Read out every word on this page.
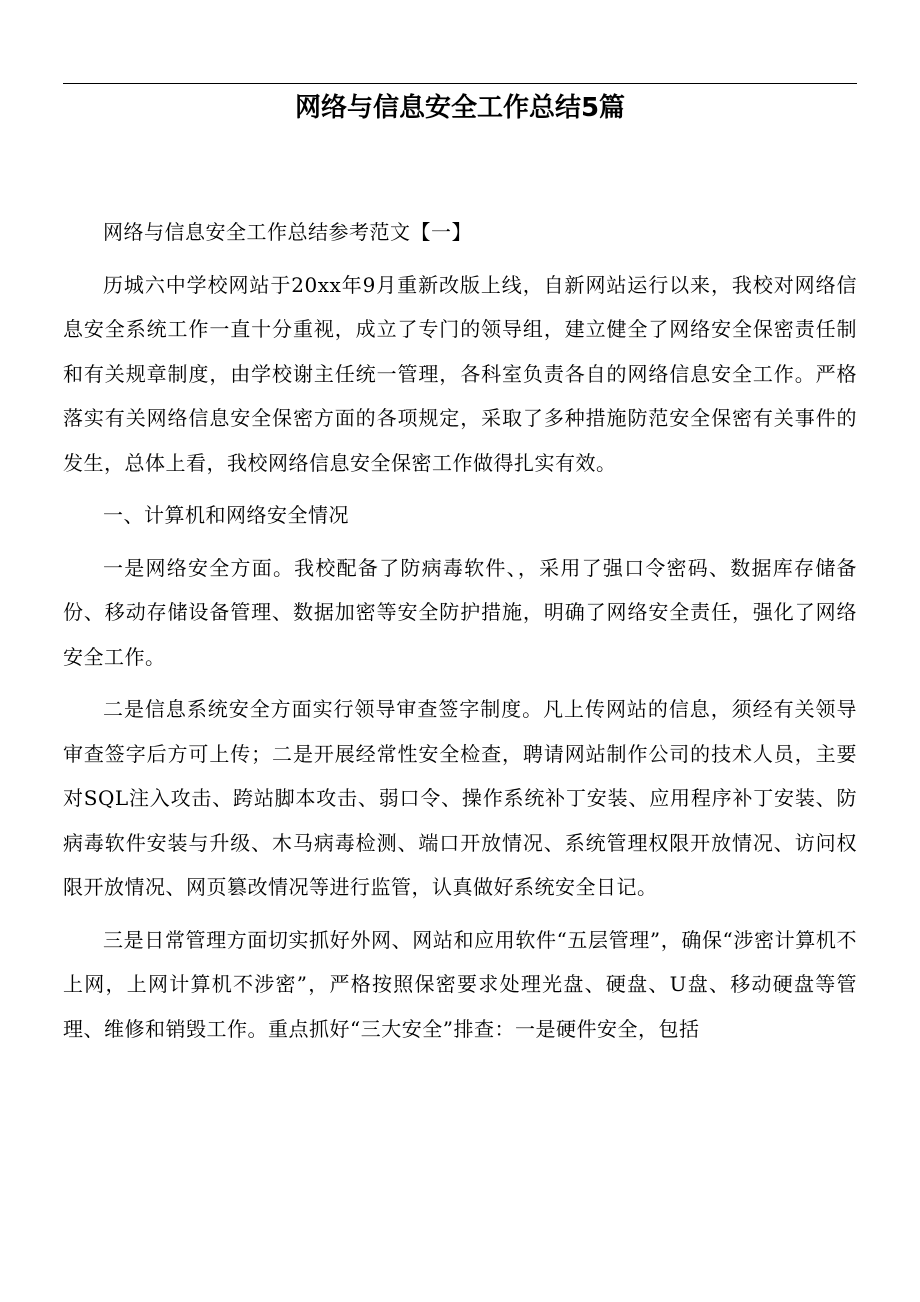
网络与信息安全工作总结5篇

网络与信息安全工作总结参考范文【一】

历城六中学校网站于20xx年9月重新改版上线，自新网站运行以来，我校对网络信息安全系统工作一直十分重视，成立了专门的领导组，建立健全了网络安全保密责任制和有关规章制度，由学校谢主任统一管理，各科室负责各自的网络信息安全工作。严格落实有关网络信息安全保密方面的各项规定，采取了多种措施防范安全保密有关事件的发生，总体上看，我校网络信息安全保密工作做得扎实有效。

一、计算机和网络安全情况

一是网络安全方面。我校配备了防病毒软件、，采用了强口令密码、数据库存储备份、移动存储设备管理、数据加密等安全防护措施，明确了网络安全责任，强化了网络安全工作。

二是信息系统安全方面实行领导审查签字制度。凡上传网站的信息，须经有关领导审查签字后方可上传；二是开展经常性安全检查，聘请网站制作公司的技术人员，主要对SQL注入攻击、跨站脚本攻击、弱口令、操作系统补丁安装、应用程序补丁安装、防病毒软件安装与升级、木马病毒检测、端口开放情况、系统管理权限开放情况、访问权限开放情况、网页篡改情况等进行监管，认真做好系统安全日记。

三是日常管理方面切实抓好外网、网站和应用软件“五层管理”，确保“涉密计算机不上网，上网计算机不涉密”，严格按照保密要求处理光盘、硬盘、U盘、移动硬盘等管理、维修和销毁工作。重点抓好“三大安全”排查：一是硬件安全，包括
